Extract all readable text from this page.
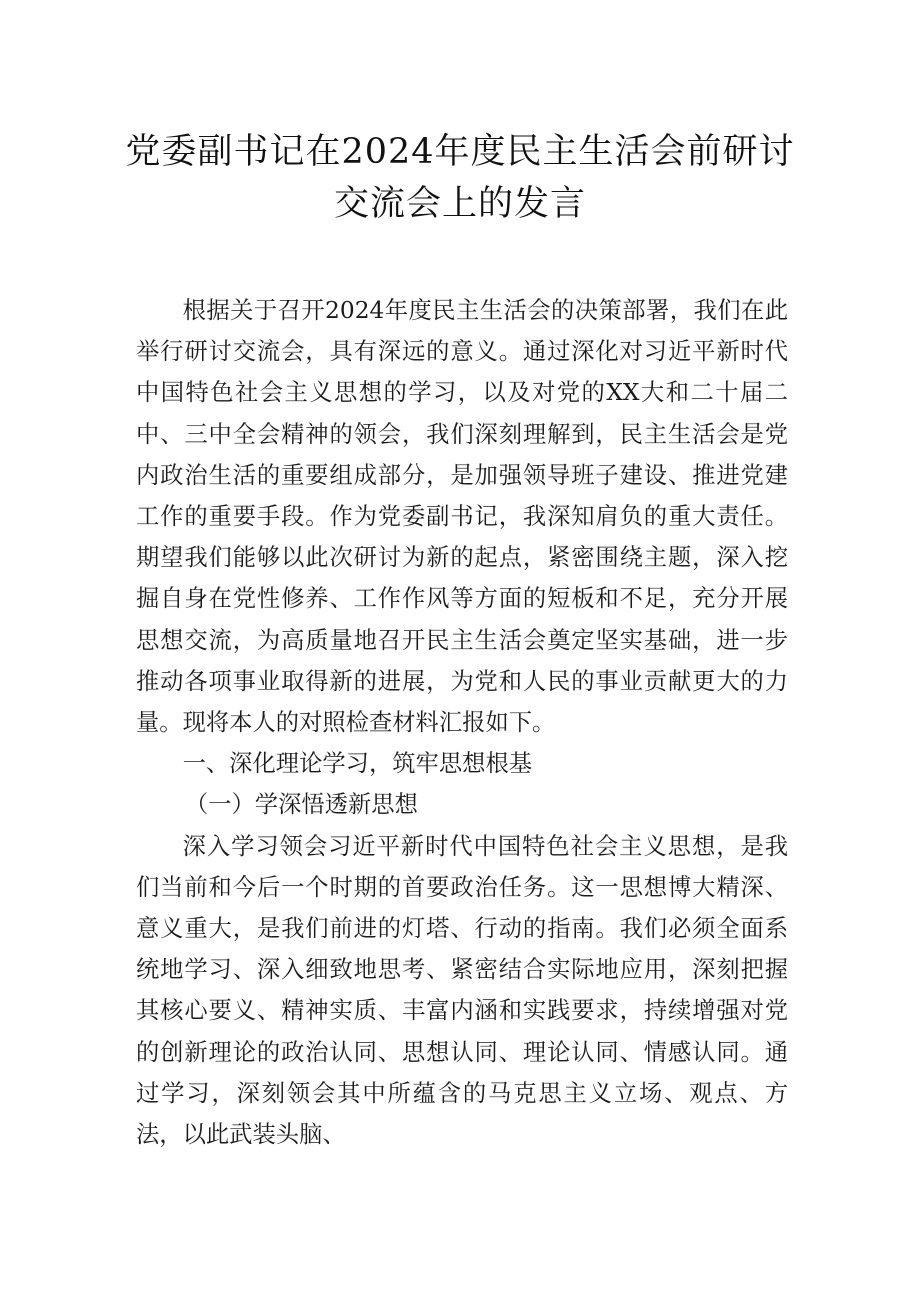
党委副书记在2024年度民主生活会前研讨
交流会上的发言

根据关于召开2024年度民主生活会的决策部署，我们在此举行研讨交流会，具有深远的意义。通过深化对习近平新时代中国特色社会主义思想的学习，以及对党的XX大和二十届二中、三中全会精神的领会，我们深刻理解到，民主生活会是党内政治生活的重要组成部分，是加强领导班子建设、推进党建工作的重要手段。作为党委副书记，我深知肩负的重大责任。期望我们能够以此次研讨为新的起点，紧密围绕主题，深入挖掘自身在党性修养、工作作风等方面的短板和不足，充分开展思想交流，为高质量地召开民主生活会奠定坚实基础，进一步推动各项事业取得新的进展，为党和人民的事业贡献更大的力量。现将本人的对照检查材料汇报如下。

一、深化理论学习，筑牢思想根基

（一）学深悟透新思想

深入学习领会习近平新时代中国特色社会主义思想，是我们当前和今后一个时期的首要政治任务。这一思想博大精深、意义重大，是我们前进的灯塔、行动的指南。我们必须全面系统地学习、深入细致地思考、紧密结合实际地应用，深刻把握其核心要义、精神实质、丰富内涵和实践要求，持续增强对党的创新理论的政治认同、思想认同、理论认同、情感认同。通过学习，深刻领会其中所蕴含的马克思主义立场、观点、方法，以此武装头脑、
